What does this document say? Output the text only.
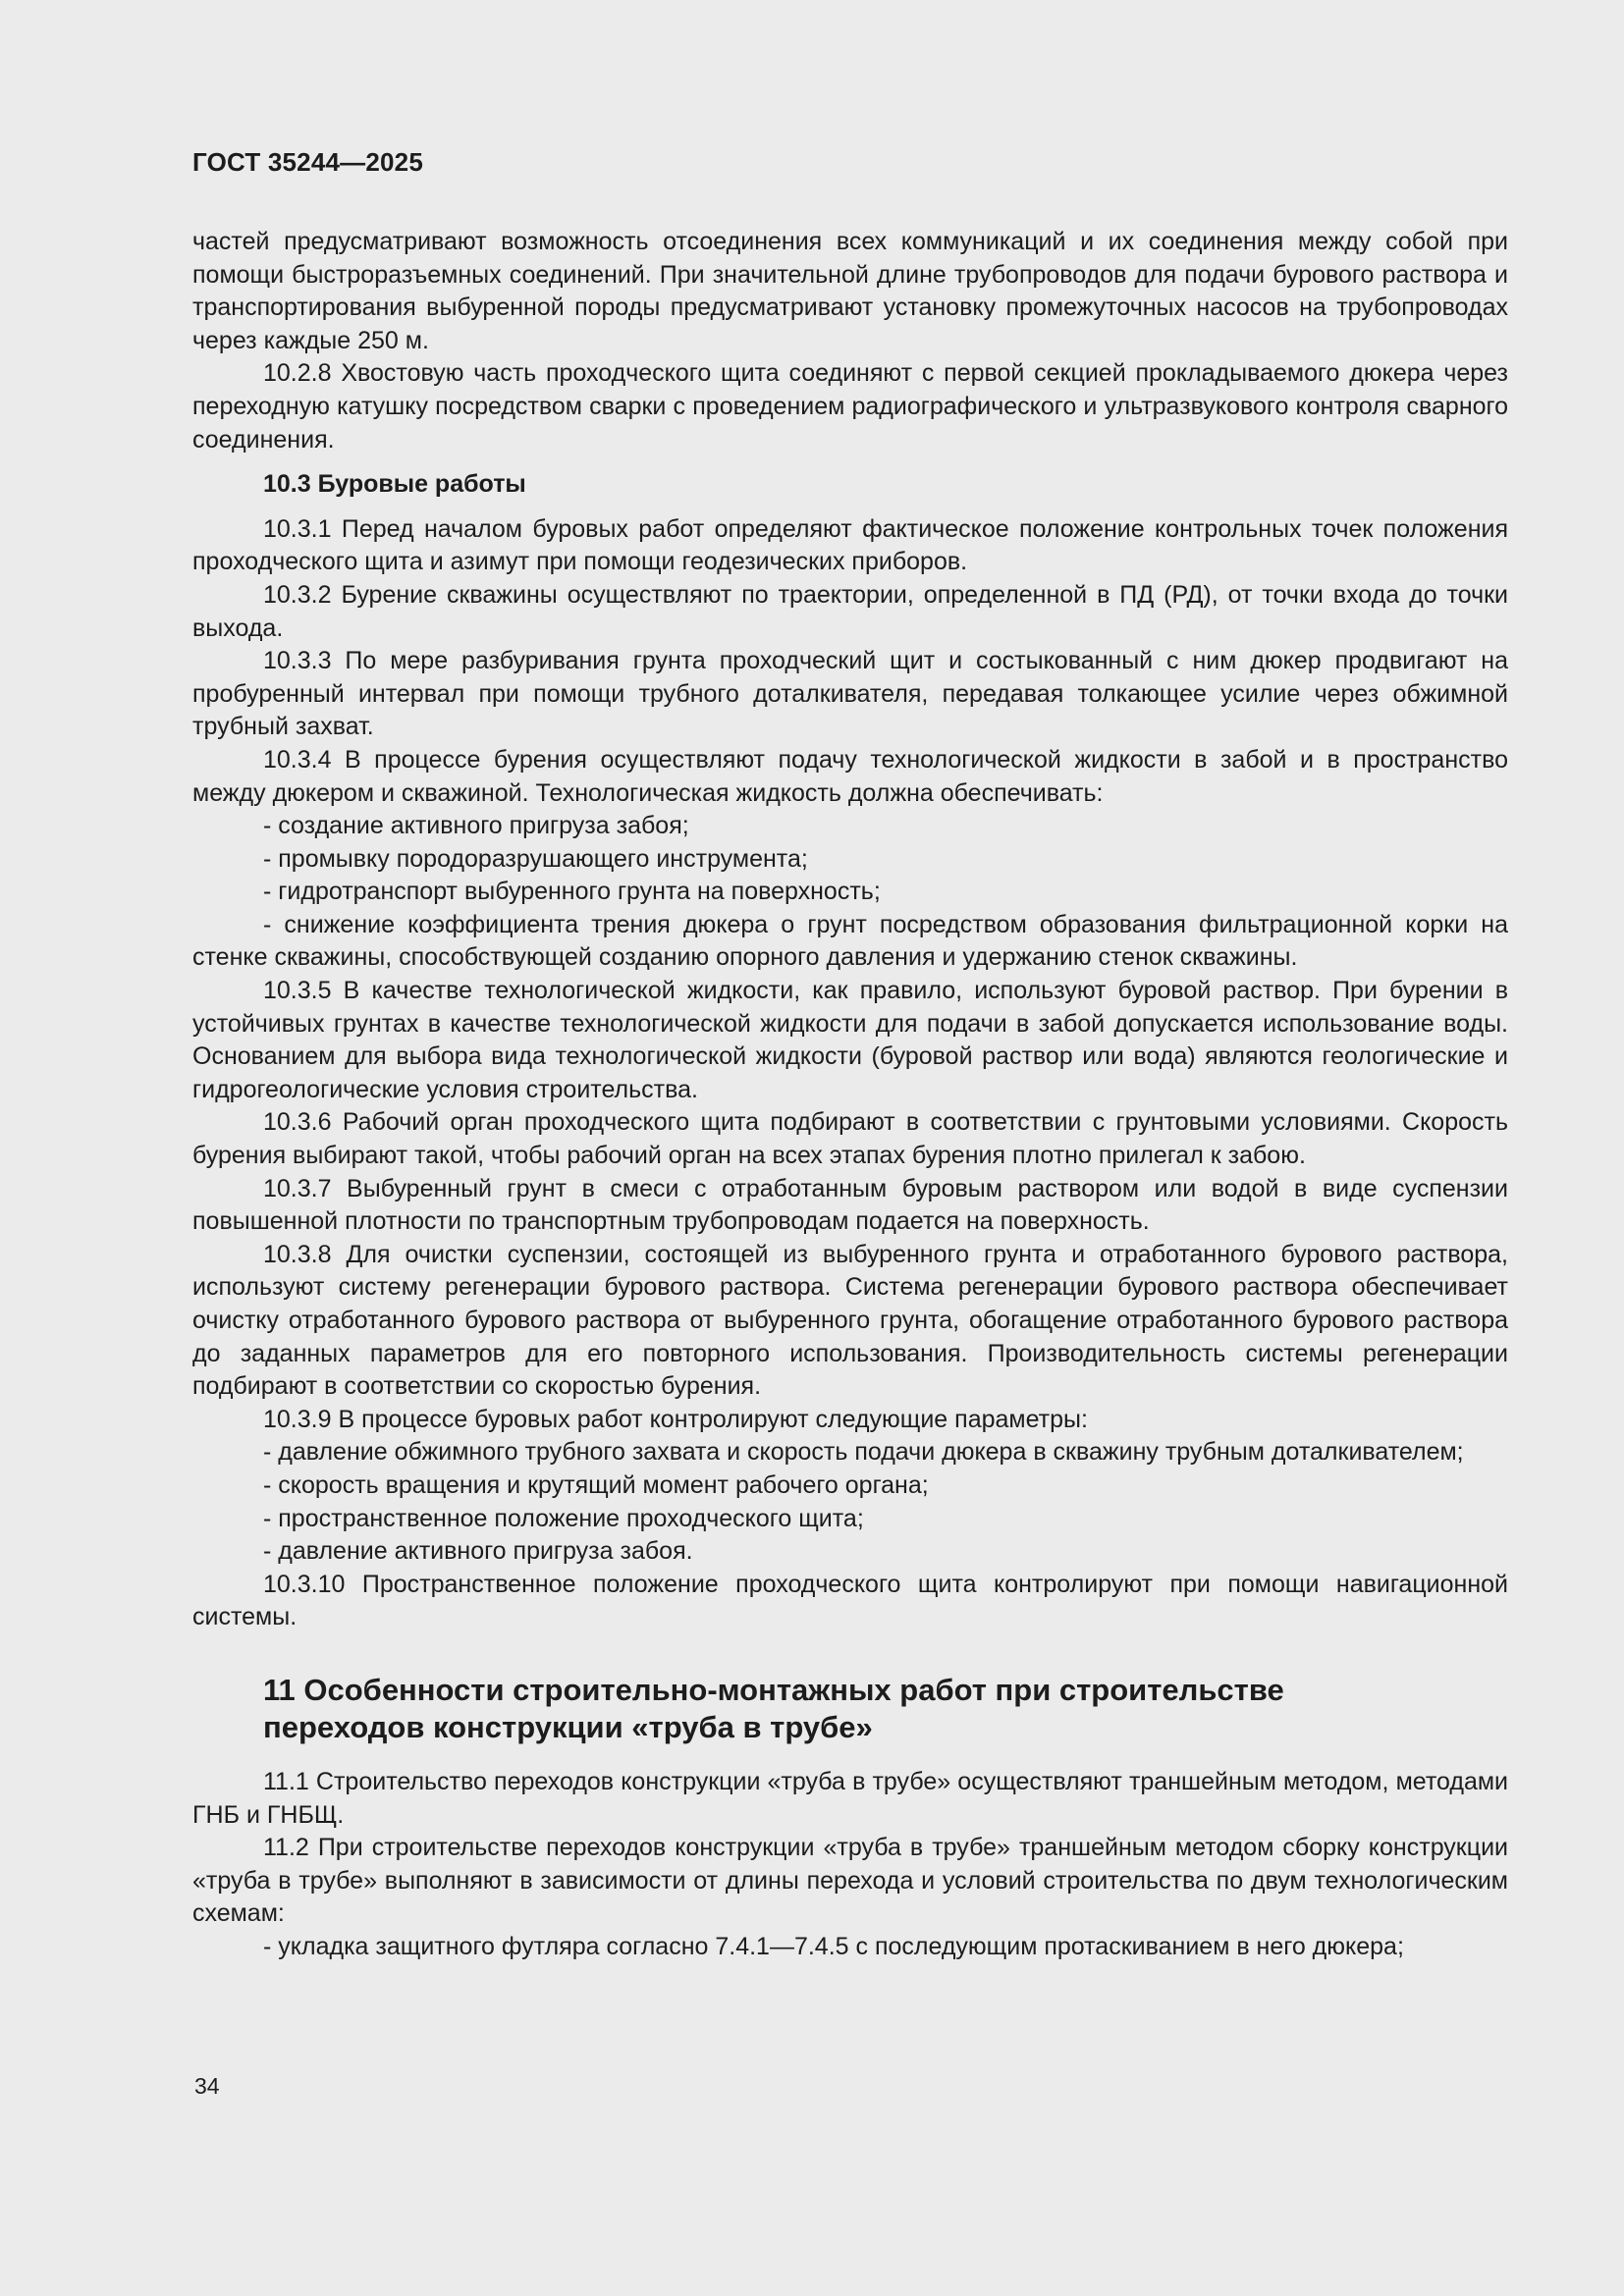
ГОСТ 35244—2025

частей предусматривают возможность отсоединения всех коммуникаций и их соединения между собой при помощи быстроразъемных соединений. При значительной длине трубопроводов для подачи бурового раствора и транспортирования выбуренной породы предусматривают установку промежуточных насосов на трубопроводах через каждые 250 м.

10.2.8 Хвостовую часть проходческого щита соединяют с первой секцией прокладываемого дюкера через переходную катушку посредством сварки с проведением радиографического и ультразвукового контроля сварного соединения.

10.3 Буровые работы

10.3.1 Перед началом буровых работ определяют фактическое положение контрольных точек положения проходческого щита и азимут при помощи геодезических приборов.

10.3.2 Бурение скважины осуществляют по траектории, определенной в ПД (РД), от точки входа до точки выхода.

10.3.3 По мере разбуривания грунта проходческий щит и состыкованный с ним дюкер продвигают на пробуренный интервал при помощи трубного доталкивателя, передавая толкающее усилие через обжимной трубный захват.

10.3.4 В процессе бурения осуществляют подачу технологической жидкости в забой и в пространство между дюкером и скважиной. Технологическая жидкость должна обеспечивать:

- создание активного пригруза забоя;

- промывку породоразрушающего инструмента;

- гидротранспорт выбуренного грунта на поверхность;

- снижение коэффициента трения дюкера о грунт посредством образования фильтрационной корки на стенке скважины, способствующей созданию опорного давления и удержанию стенок скважины.

10.3.5 В качестве технологической жидкости, как правило, используют буровой раствор. При бурении в устойчивых грунтах в качестве технологической жидкости для подачи в забой допускается использование воды. Основанием для выбора вида технологической жидкости (буровой раствор или вода) являются геологические и гидрогеологические условия строительства.

10.3.6 Рабочий орган проходческого щита подбирают в соответствии с грунтовыми условиями. Скорость бурения выбирают такой, чтобы рабочий орган на всех этапах бурения плотно прилегал к забою.

10.3.7 Выбуренный грунт в смеси с отработанным буровым раствором или водой в виде суспензии повышенной плотности по транспортным трубопроводам подается на поверхность.

10.3.8 Для очистки суспензии, состоящей из выбуренного грунта и отработанного бурового раствора, используют систему регенерации бурового раствора. Система регенерации бурового раствора обеспечивает очистку отработанного бурового раствора от выбуренного грунта, обогащение отработанного бурового раствора до заданных параметров для его повторного использования. Производительность системы регенерации подбирают в соответствии со скоростью бурения.

10.3.9 В процессе буровых работ контролируют следующие параметры:

- давление обжимного трубного захвата и скорость подачи дюкера в скважину трубным доталкивателем;

- скорость вращения и крутящий момент рабочего органа;

- пространственное положение проходческого щита;

- давление активного пригруза забоя.

10.3.10 Пространственное положение проходческого щита контролируют при помощи навигационной системы.

11 Особенности строительно-монтажных работ при строительстве
переходов конструкции «труба в трубе»

11.1 Строительство переходов конструкции «труба в трубе» осуществляют траншейным методом, методами ГНБ и ГНБЩ.

11.2 При строительстве переходов конструкции «труба в трубе» траншейным методом сборку конструкции «труба в трубе» выполняют в зависимости от длины перехода и условий строительства по двум технологическим схемам:

- укладка защитного футляра согласно 7.4.1—7.4.5 с последующим протаскиванием в него дюкера;

34
